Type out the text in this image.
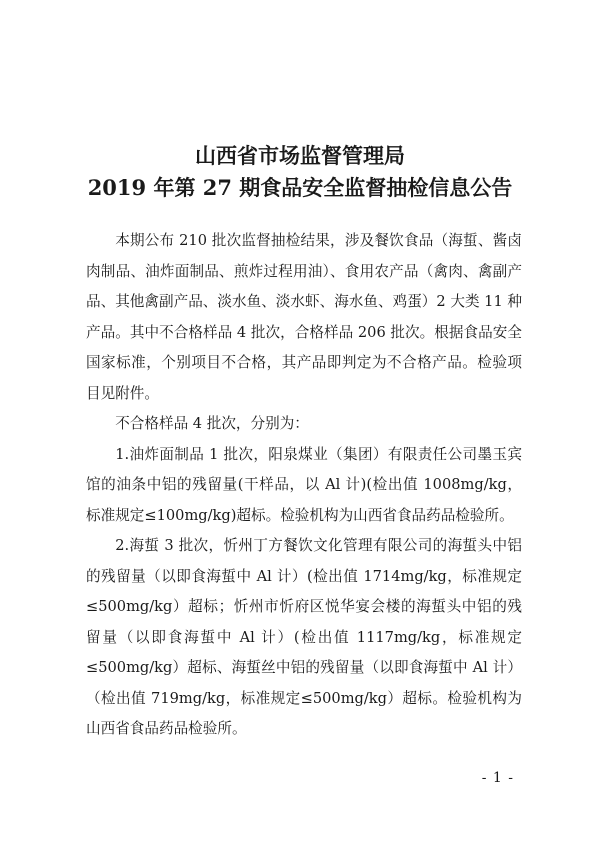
山西省市场监督管理局
2019 年第 27 期食品安全监督抽检信息公告

本期公布 210 批次监督抽检结果，涉及餐饮食品（海蜇、酱卤肉制品、油炸面制品、煎炸过程用油）、食用农产品（禽肉、禽副产品、其他禽副产品、淡水鱼、淡水虾、海水鱼、鸡蛋）2 大类 11 种产品。其中不合格样品 4 批次，合格样品 206 批次。根据食品安全国家标准，个别项目不合格，其产品即判定为不合格产品。检验项目见附件。

不合格样品 4 批次，分别为：

1.油炸面制品 1 批次，阳泉煤业（集团）有限责任公司墨玉宾馆的油条中铝的残留量(干样品，以 Al 计)(检出值 1008mg/kg，标准规定≤100mg/kg)超标。检验机构为山西省食品药品检验所。

2.海蜇 3 批次，忻州丁方餐饮文化管理有限公司的海蜇头中铝的残留量（以即食海蜇中 Al 计）(检出值 1714mg/kg，标准规定≤500mg/kg）超标；忻州市忻府区悦华宴会楼的海蜇头中铝的残留量（以即食海蜇中 Al 计）(检出值 1117mg/kg，标准规定≤500mg/kg）超标、海蜇丝中铝的残留量（以即食海蜇中 Al 计）（检出值 719mg/kg，标准规定≤500mg/kg）超标。检验机构为山西省食品药品检验所。

- 1 -
